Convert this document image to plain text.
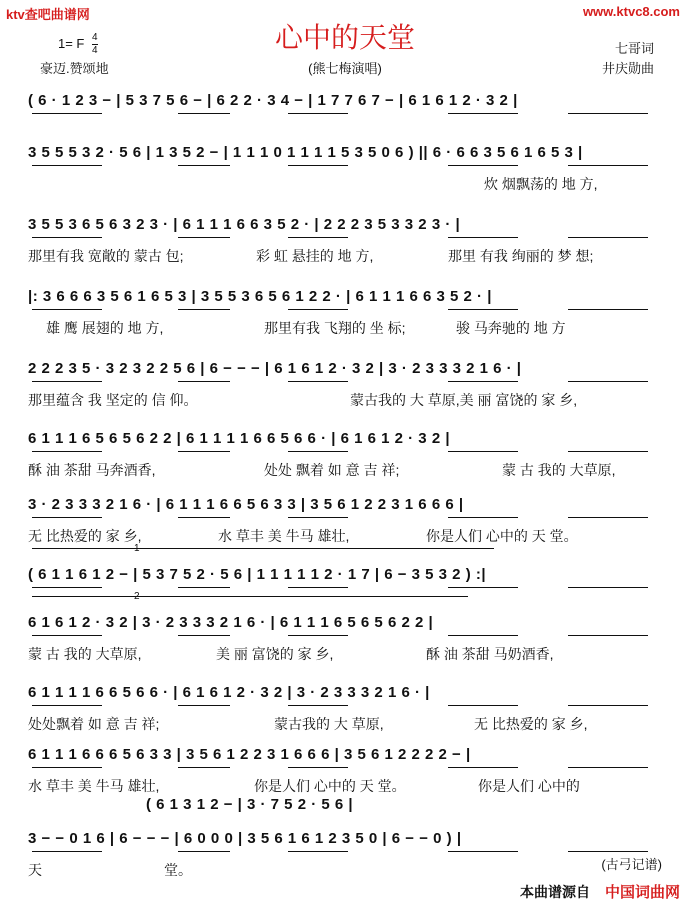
ktv查吧曲谱网	www.ktvc8.com
心中的天堂
1= F $\frac{4}{4}$
豪迈.赞颂地	(熊七梅演唱)
七哥词
井庆勋曲
( 6 · 1 2 3 − | 5 3 7 5 6 − | 6 2 2 · 3 4 − | 1 7 7 6 7 − | 6 1 6 1 2 · 3 2 |
3 5 5 5 3 2 · 5 6 | 1 3 5 2 − | 1 1 1 0 1 1 1 1 5 3 5 0 6 ) || 6 · 6 6 3 5 6 1 6 5 3 |
炊 烟飘荡的 地 方,
3 5 5 3 6 5 6 3 2 3 · | 6 1 1 1 6 6 3 5 2 · | 2 2 2 3 5 3 3 2 3 · |
那里有我 宽敞的 蒙古 包;	彩 虹 悬挂的 地 方,	那里 有我 绚丽的 梦 想;
|: 3 6 6 6 3 5 6 1 6 5 3 | 3 5 5 3 6 5 6 1 2 2 · | 6 1 1 1 6 6 3 5 2 · |
雄 鹰 展翅的 地 方,	那里有我 飞翔的 坐 标;	骏 马奔驰的 地 方
2 2 2 3 5 · 3 2 3 2 2 5 6 | 6 − − − | 6 1 6 1 2 · 3 2 | 3 · 2 3 3 3 2 1 6 · |
那里蕴含 我 坚定的 信 仰。	蒙古我的 大 草原,美 丽 富饶的 家 乡,
6 1 1 1 6 5 6 5 6 2 2 | 6 1 1 1 1 6 6 5 6 6 · | 6 1 6 1 2 · 3 2 |
酥 油 茶甜 马奔酒香,	处处 飘着 如 意 吉 祥;	蒙 古 我的 大草原,
3 · 2 3 3 3 2 1 6 · | 6 1 1 1 6 6 5 6 3 3 | 3 5 6 1 2 2 3 1 6 6 6 |
无 比热爱的 家 乡,	水 草丰 美 牛马 雄壮,	你是人们 心中的 天 堂。
( 6 1 1 6 1 2 − | 5 3 7 5 2 · 5 6 | 1 1 1 1 1 2 · 1 7 | 6 − 3 5 3 2 ) :|
6 1 6 1 2 · 3 2 | 3 · 2 3 3 3 2 1 6 · | 6 1 1 1 6 5 6 5 6 2 2 |
蒙 古 我的 大草原,	美 丽 富饶的 家 乡,	酥 油 茶甜 马奶酒香,
6 1 1 1 1 6 6 5 6 6 · | 6 1 6 1 2 · 3 2 | 3 · 2 3 3 3 2 1 6 · |
处处飘着 如 意 吉 祥;	蒙古我的 大 草原,	无 比热爱的 家 乡,
6 1 1 1 6 6 6 5 6 3 3 | 3 5 6 1 2 2 3 1 6 6 6 | 3 5 6 1 2 2 2 2 − |
水 草丰 美 牛马 雄壮,	你是人们 心中的 天 堂。	你是人们 心中的
( 6 1 3 1 2 − | 3 · 7 5 2 · 5 6 |
3 − − 0 1 6 | 6 − − − | 6 0 0 0 | 3 5 6 1 6 1 2 3 5 0 | 6 − − 0 ) |
天	堂。
1
2
(古弓记谱)
本曲谱源自 中国词曲网
